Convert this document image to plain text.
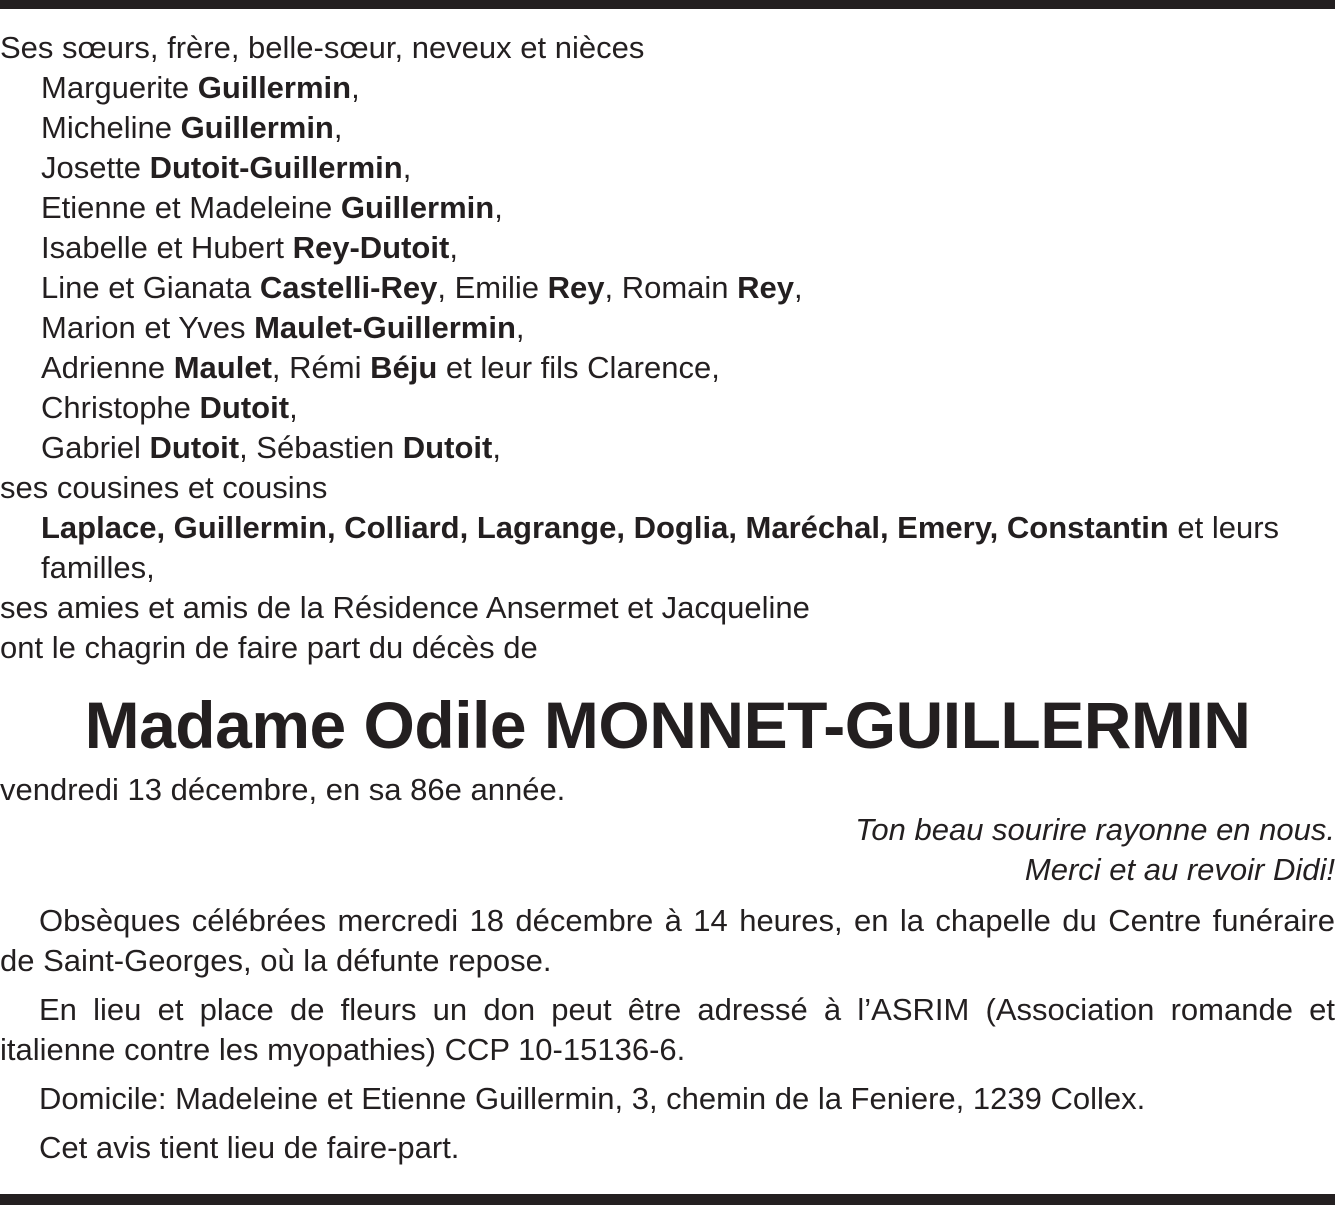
Ses sœurs, frère, belle-sœur, neveux et nièces
Marguerite Guillermin,
Micheline Guillermin,
Josette Dutoit-Guillermin,
Etienne et Madeleine Guillermin,
Isabelle et Hubert Rey-Dutoit,
Line et Gianata Castelli-Rey, Emilie Rey, Romain Rey,
Marion et Yves Maulet-Guillermin,
Adrienne Maulet, Rémi Béju et leur fils Clarence,
Christophe Dutoit,
Gabriel Dutoit, Sébastien Dutoit,
ses cousines et cousins
Laplace, Guillermin, Colliard, Lagrange, Doglia, Maréchal, Emery, Constantin et leurs familles,
ses amies et amis de la Résidence Ansermet et Jacqueline
ont le chagrin de faire part du décès de
Madame Odile MONNET-GUILLERMIN
vendredi 13 décembre, en sa 86e année.
Ton beau sourire rayonne en nous.
Merci et au revoir Didi!
Obsèques célébrées mercredi 18 décembre à 14 heures, en la chapelle du Centre funéraire de Saint-Georges, où la défunte repose.
En lieu et place de fleurs un don peut être adressé à l’ASRIM (Association romande et italienne contre les myopathies) CCP 10-15136-6.
Domicile: Madeleine et Etienne Guillermin, 3, chemin de la Feniere, 1239 Collex.
Cet avis tient lieu de faire-part.
